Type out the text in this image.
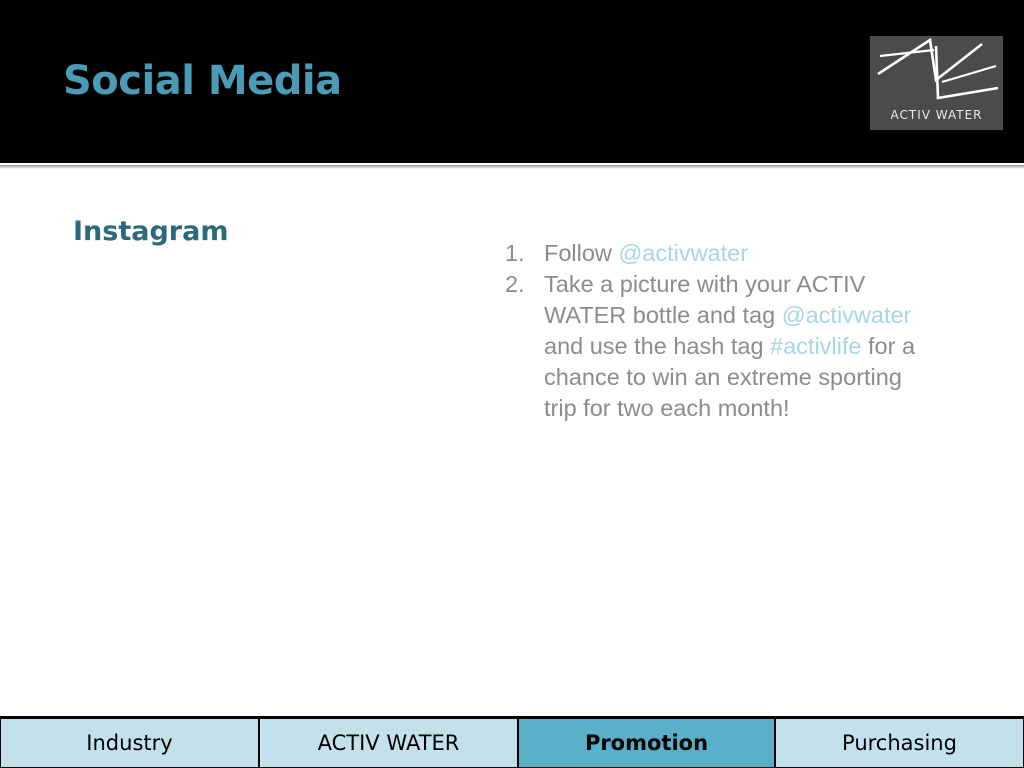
Social Media
ACTIV WATER
Instagram
1. Follow @activwater
2. Take a picture with your ACTIV WATER bottle and tag @activwater and use the hash tag #activlife for a chance to win an extreme sporting trip for two each month!
Industry	ACTIV WATER	Promotion	Purchasing
